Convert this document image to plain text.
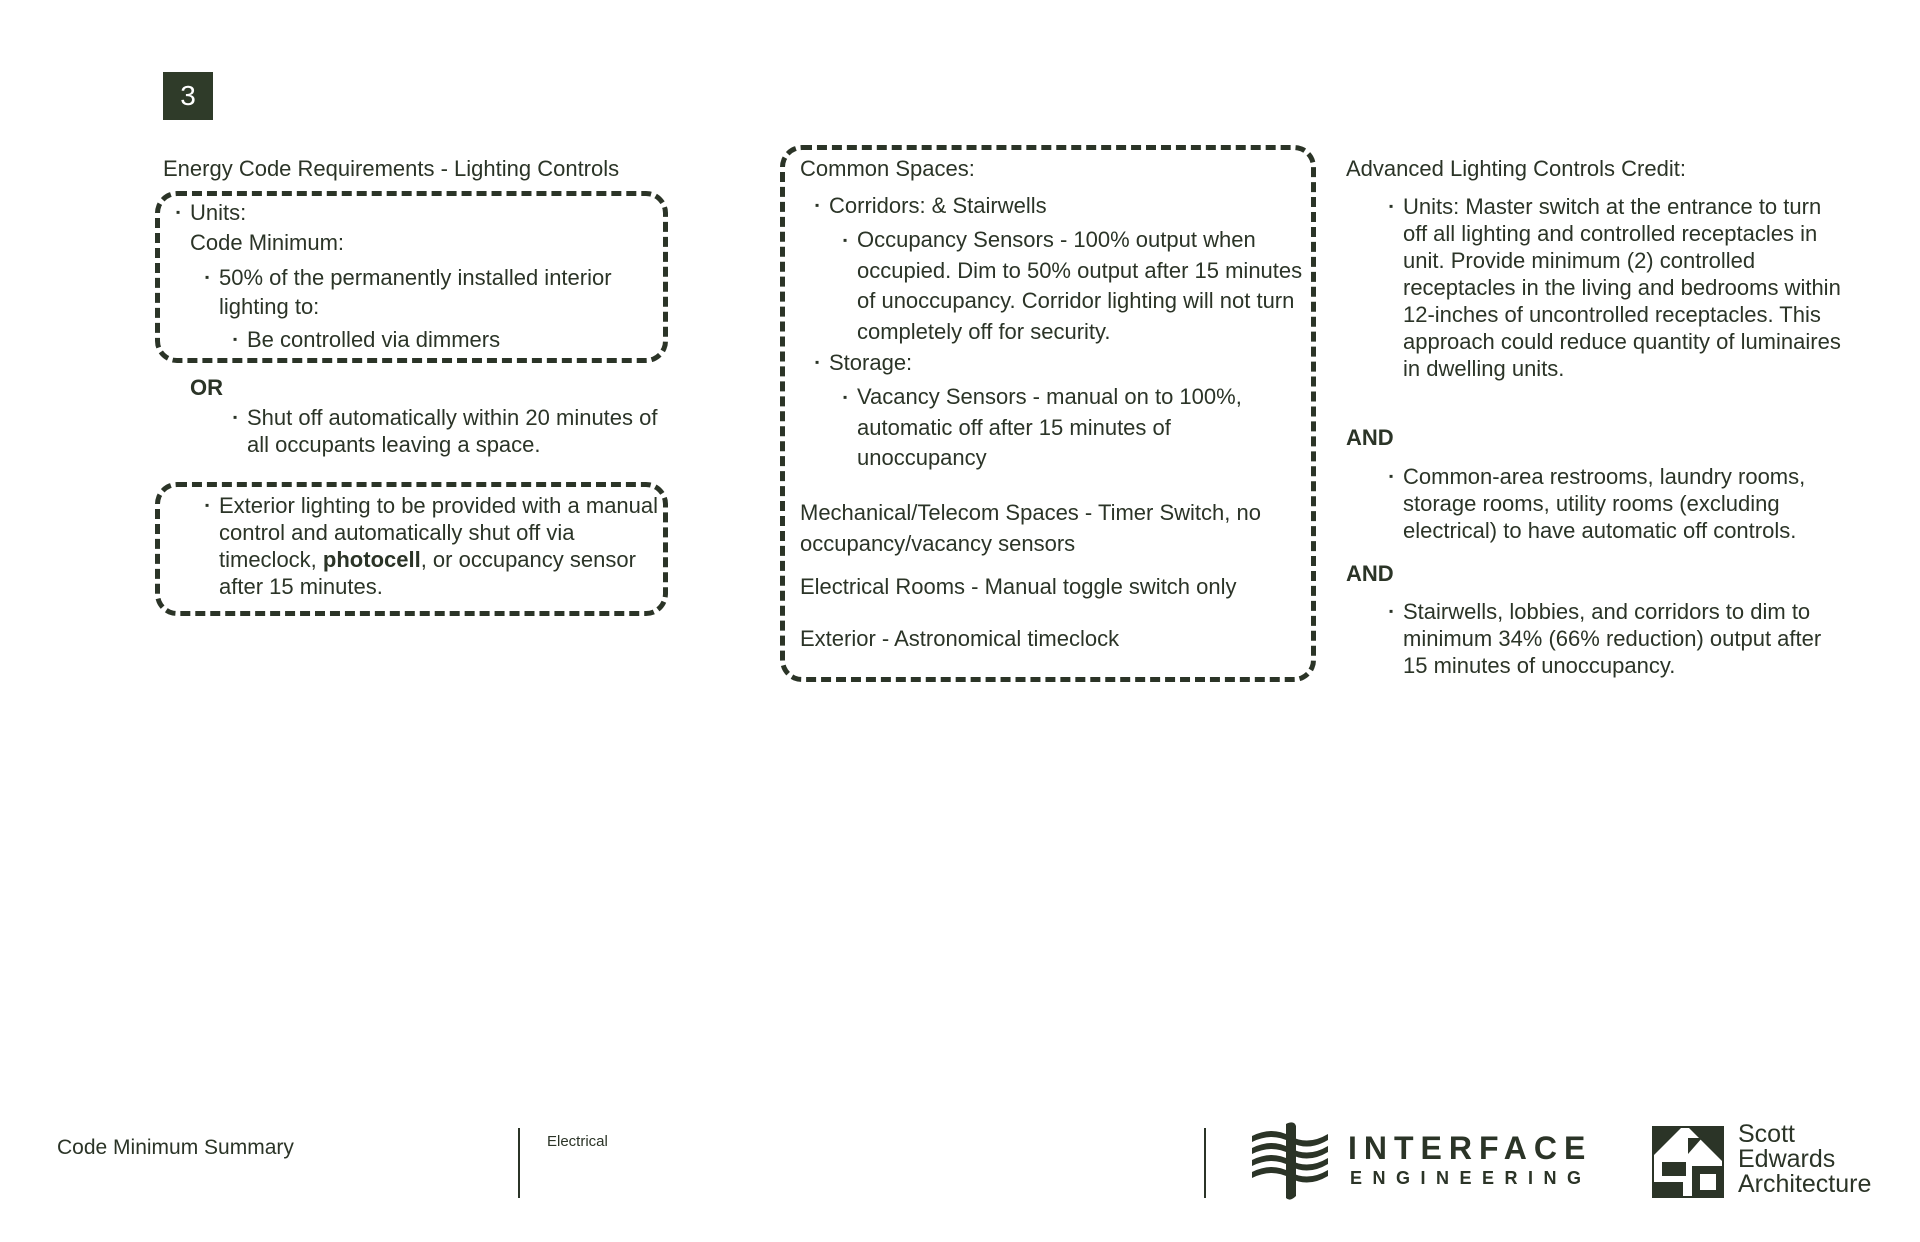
3
Energy Code Requirements - Lighting Controls
▪ Units:
Code Minimum:
▪ 50% of the permanently installed interior lighting to:
▪ Be controlled via dimmers
OR
▪ Shut off automatically within 20 minutes of all occupants leaving a space.
▪ Exterior lighting to be provided with a manual control and automatically shut off via timeclock, photocell, or occupancy sensor after 15 minutes.
Common Spaces:
▪ Corridors: & Stairwells
▪ Occupancy Sensors - 100% output when occupied. Dim to 50% output after 15 minutes of unoccupancy. Corridor lighting will not turn completely off for security.
▪ Storage:
▪ Vacancy Sensors - manual on to 100%, automatic off after 15 minutes of unoccupancy
Mechanical/Telecom Spaces - Timer Switch, no occupancy/vacancy sensors
Electrical Rooms - Manual toggle switch only
Exterior - Astronomical timeclock
Advanced Lighting Controls Credit:
▪ Units: Master switch at the entrance to turn off all lighting and controlled receptacles in unit. Provide minimum (2) controlled receptacles in the living and bedrooms within 12-inches of uncontrolled receptacles. This approach could reduce quantity of luminaires in dwelling units.
AND
▪ Common-area restrooms, laundry rooms, storage rooms, utility rooms (excluding electrical) to have automatic off controls.
AND
▪ Stairwells, lobbies, and corridors to dim to minimum 34% (66% reduction) output after 15 minutes of unoccupancy.
Code Minimum Summary	Electrical	INTERFACE
ENGINEERING
Scott
Edwards
Architecture
